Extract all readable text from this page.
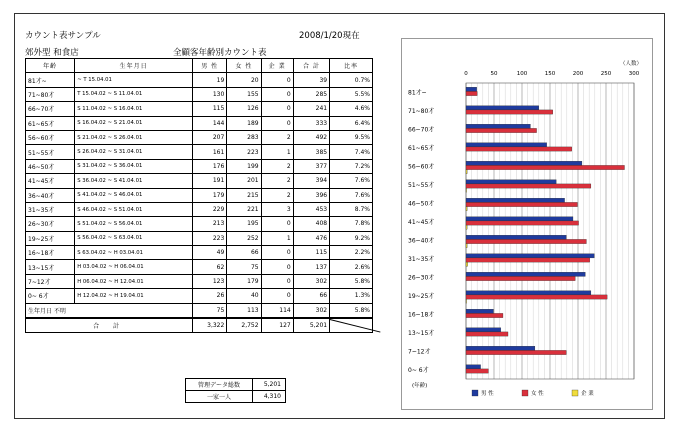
カウント表サンプル
郊外型 和食店
2008/1/20現在
全顧客年齢別カウント表
年齢	生年月日	男 性	女 性	企 業	合 計	比率
81才~	~ T 15.04.01	19	20	0	39	0.7%
71~80才	T 15.04.02 ~ S 11.04.01	130	155	0	285	5.5%
66~70才	S 11.04.02 ~ S 16.04.01	115	126	0	241	4.6%
61~65才	S 16.04.02 ~ S 21.04.01	144	189	0	333	6.4%
56~60才	S 21.04.02 ~ S 26.04.01	207	283	2	492	9.5%
51~55才	S 26.04.02 ~ S 31.04.01	161	223	1	385	7.4%
46~50才	S 31.04.02 ~ S 36.04.01	176	199	2	377	7.2%
41~45才	S 36.04.02 ~ S 41.04.01	191	201	2	394	7.6%
36~40才	S 41.04.02 ~ S 46.04.01	179	215	2	396	7.6%
31~35才	S 46.04.02 ~ S 51.04.01	229	221	3	453	8.7%
26~30才	S 51.04.02 ~ S 56.04.01	213	195	0	408	7.8%
19~25才	S 56.04.02 ~ S 63.04.01	223	252	1	476	9.2%
16~18才	S 63.04.02 ~ H 03.04.01	49	66	0	115	2.2%
13~15才	H 03.04.02 ~ H 06.04.01	62	75	0	137	2.6%
7~12才	H 06.04.02 ~ H 12.04.01	123	179	0	302	5.8%
0~ 6才	H 12.04.02 ~ H 19.04.01	26	40	0	66	1.3%
生年月日 不明		75	113	114	302	5.8%
合 計		3,322	2,752	127	5,201	
管理データ総数	5,201
一家一人	4,310
0	50	100	150	200	250	300
（人数）
81才~
71~80才
66~70才
61~65才
56~60才
51~55才
46~50才
41~45才
36~40才
31~35才
26~30才
19~25才
16~18才
13~15才
7~12才
0~ 6才
(年齢)
男 性	女 性	企 業
